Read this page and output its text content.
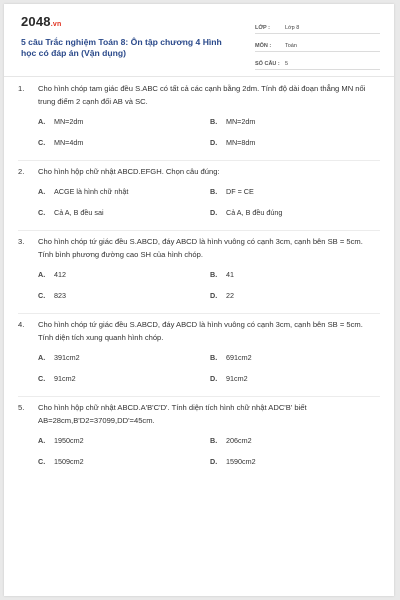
2048.vn
5 câu Trắc nghiệm Toán 8: Ôn tập chương 4 Hình học có đáp án (Vận dụng)
LỚP :	Lớp 8
MÔN :	Toán
SỐ CÂU : 5
1.	Cho hình chóp tam giác đều S.ABC có tất cả các cạnh bằng 2dm. Tính độ dài đoạn thẳng MN nối trung điểm 2 cạnh đối AB và SC.
A.	MN=2dm	B.	MN=2dm
C.	MN=4dm	D.	MN=8dm
2.	Cho hình hộp chữ nhật ABCD.EFGH. Chọn câu đúng:
A.	ACGE là hình chữ nhật	B.	DF = CE
C.	Cả A, B đều sai	D.	Cả A, B đều đúng
3.	Cho hình chóp tứ giác đều S.ABCD, đáy ABCD là hình vuông có cạnh 3cm, cạnh bên SB = 5cm. Tính bình phương đường cao SH của hình chóp.
A.	412	B.	41
C.	823	D.	22
4.	Cho hình chóp tứ giác đều S.ABCD, đáy ABCD là hình vuông có cạnh 3cm, cạnh bên SB = 5cm. Tính diện tích xung quanh hình chóp.
A.	391cm2	B.	691cm2
C.	91cm2	D.	91cm2
5.	Cho hình hộp chữ nhật ABCD.A'B'C'D'. Tính diện tích hình chữ nhật ADC'B' biết AB=28cm,B'D2=37099,DD'=45cm.
A.	1950cm2	B.	206cm2
C.	1509cm2	D.	1590cm2
